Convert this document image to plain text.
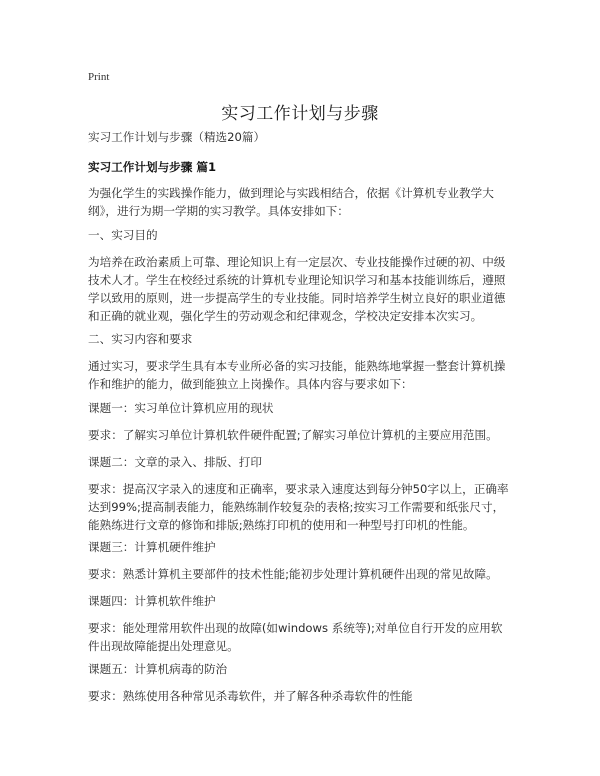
Print
实习工作计划与步骤
实习工作计划与步骤（精选20篇）
实习工作计划与步骤 篇1
为强化学生的实践操作能力，做到理论与实践相结合，依据《计算机专业教学大纲》，进行为期一学期的实习教学。具体安排如下：
一、实习目的
为培养在政治素质上可靠、理论知识上有一定层次、专业技能操作过硬的初、中级技术人才。学生在校经过系统的计算机专业理论知识学习和基本技能训练后，遵照学以致用的原则，进一步提高学生的专业技能。同时培养学生树立良好的职业道德和正确的就业观，强化学生的劳动观念和纪律观念，学校决定安排本次实习。
二、实习内容和要求
通过实习，要求学生具有本专业所必备的实习技能，能熟练地掌握一整套计算机操作和维护的能力，做到能独立上岗操作。具体内容与要求如下：
课题一：实习单位计算机应用的现状
要求：了解实习单位计算机软件硬件配置;了解实习单位计算机的主要应用范围。
课题二：文章的录入、排版、打印
要求：提高汉字录入的速度和正确率，要求录入速度达到每分钟50字以上，正确率达到99%;提高制表能力，能熟练制作较复杂的表格;按实习工作需要和纸张尺寸，能熟练进行文章的修饰和排版;熟练打印机的使用和一种型号打印机的性能。
课题三：计算机硬件维护
要求：熟悉计算机主要部件的技术性能;能初步处理计算机硬件出现的常见故障。
课题四：计算机软件维护
要求：能处理常用软件出现的故障(如windows 系统等);对单位自行开发的应用软件出现故障能提出处理意见。
课题五：计算机病毒的防治
要求：熟练使用各种常见杀毒软件，并了解各种杀毒软件的性能
